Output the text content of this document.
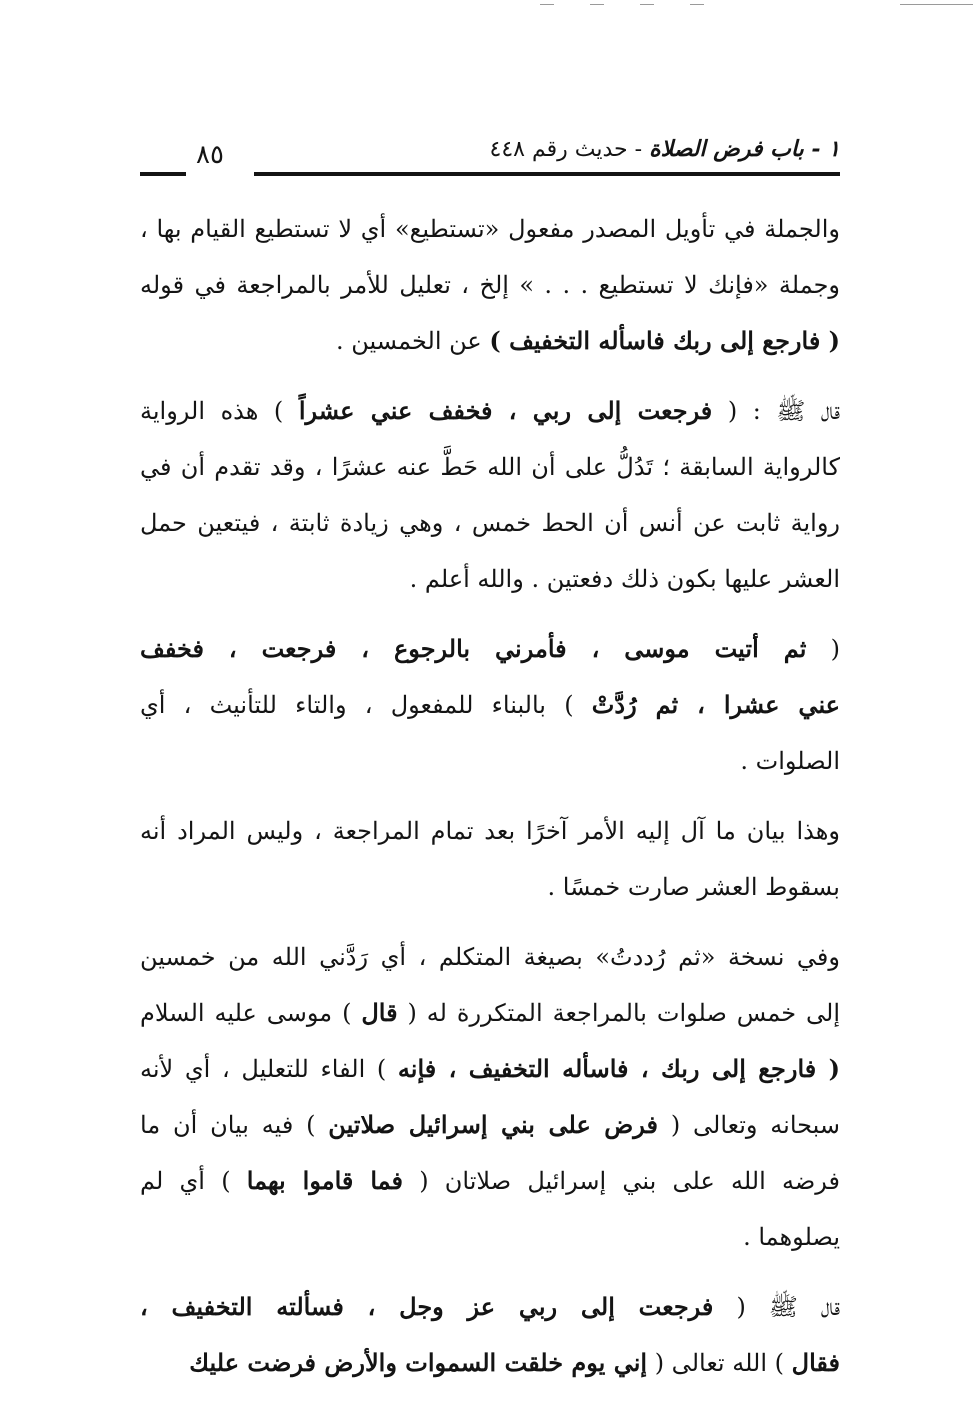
١ - باب فرض الصلاة - حديث رقم ٤٤٨
٨٥
والجملة في تأويل المصدر مفعول «تستطيع» أي لا تستطيع القيام بها ،
وجملة «فإنك لا تستطيع . . . » إلخ ، تعليل للأمر بالمراجعة في قوله
( فارجع إلى ربك فاسأله التخفيف ) عن الخمسين .
قال ﷺ : ( فرجعت إلى ربي ، فخفف عني عشراً ) هذه الرواية
كالرواية السابقة ؛ تَدُلُّ على أن الله حَطَّ عنه عشرًا ، وقد تقدم أن في
رواية ثابت عن أنس أن الحط خمس ، وهي زيادة ثابتة ، فيتعين حمل
العشر عليها بكون ذلك دفعتين . والله أعلم .
( ثم أتيت موسى ، فأمرني بالرجوع ، فرجعت ، فخفف
عني عشرا ، ثم رُدَّتْ ) بالبناء للمفعول ، والتاء للتأنيث ، أي
الصلوات .
وهذا بيان ما آل إليه الأمر آخرًا بعد تمام المراجعة ، وليس المراد أنه
بسقوط العشر صارت خمسًا .
وفي نسخة «ثم رُددتُ» بصيغة المتكلم ، أي رَدَّني الله من خمسين
إلى خمس صلوات بالمراجعة المتكررة له ( قال ) موسى عليه السلام
( فارجع إلى ربك ، فاسأله التخفيف ، فإنه ) الفاء للتعليل ، أي لأنه
سبحانه وتعالى ( فرض على بني إسرائيل صلاتين ) فيه بيان أن ما
فرضه الله على بني إسرائيل صلاتان ( فما قاموا بهما ) أي لم
يصلوهما .
قال ﷺ ( فرجعت إلى ربي عز وجل ، فسألته التخفيف ،
فقال ) الله تعالى ( إني يوم خلقت السموات والأرض فرضت عليك
